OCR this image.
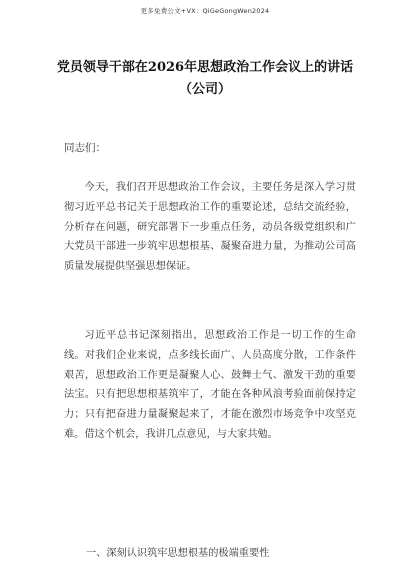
更多免费公文+VX：QiGeGongWen2024
党员领导干部在2026年思想政治工作会议上的讲话
（公司）
同志们：

今天，我们召开思想政治工作会议，主要任务是深入学习贯彻习近平总书记关于思想政治工作的重要论述，总结交流经验，分析存在问题，研究部署下一步重点任务，动员各级党组织和广大党员干部进一步筑牢思想根基、凝聚奋进力量，为推动公司高质量发展提供坚强思想保证。

习近平总书记深刻指出，思想政治工作是一切工作的生命线。对我们企业来说，点多线长面广、人员高度分散，工作条件艰苦，思想政治工作更是凝聚人心、鼓舞士气、激发干劲的重要法宝。只有把思想根基筑牢了，才能在各种风浪考验面前保持定力；只有把奋进力量凝聚起来了，才能在激烈市场竞争中攻坚克难。借这个机会，我讲几点意见，与大家共勉。

一、深刻认识筑牢思想根基的极端重要性
